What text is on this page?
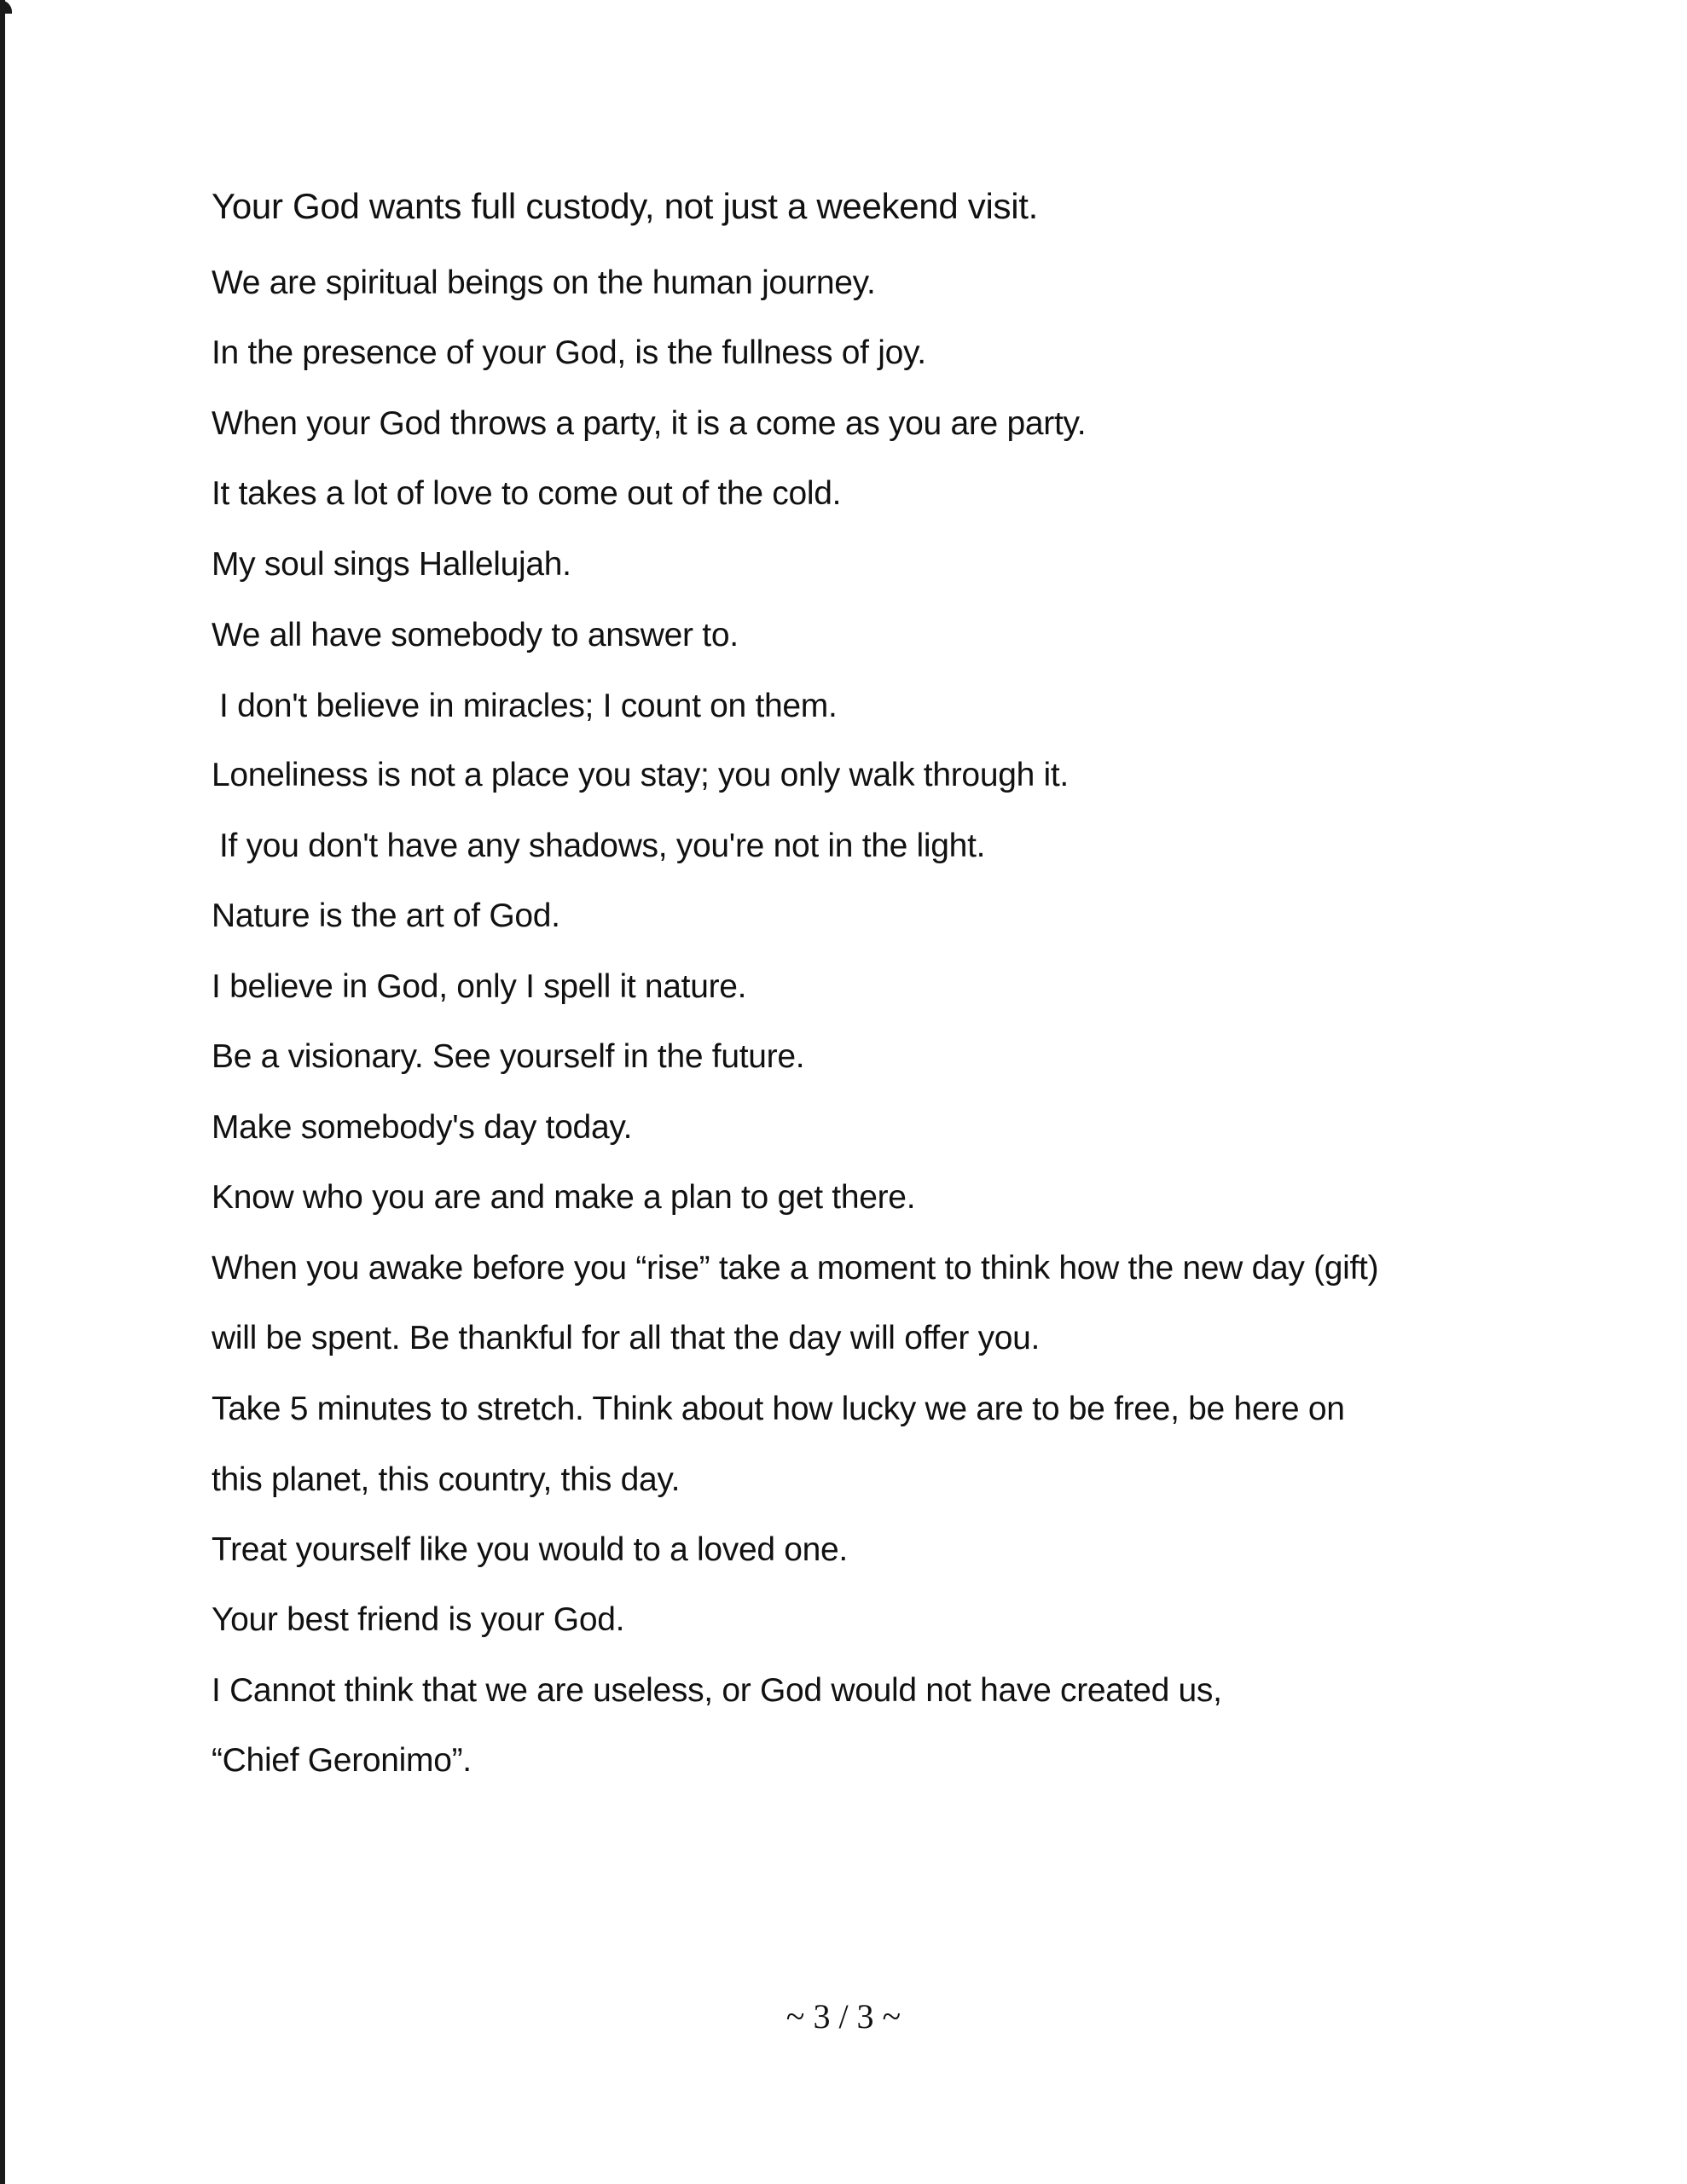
Your God wants full custody, not just a weekend visit.
We are spiritual beings on the human journey.
In the presence of your God, is the fullness of joy.
When your God throws a party, it is a come as you are party.
It takes a lot of love to come out of the cold.
My soul sings Hallelujah.
We all have somebody to answer to.
I don't believe in miracles; I count on them.
Loneliness is not a place you stay; you only walk through it.
If you don't have any shadows, you're not in the light.
Nature is the art of God.
I believe in God, only I spell it nature.
Be a visionary. See yourself in the future.
Make somebody's day today.
Know who you are and make a plan to get there.
When you awake before you “rise” take a moment to think how the new day (gift)
will be spent. Be thankful for all that the day will offer you.
Take 5 minutes to stretch. Think about how lucky we are to be free, be here on
this planet, this country, this day.
Treat yourself like you would to a loved one.
Your best friend is your God.
I Cannot think that we are useless, or God would not have created us,
“Chief Geronimo”.
~ 3 / 3 ~
